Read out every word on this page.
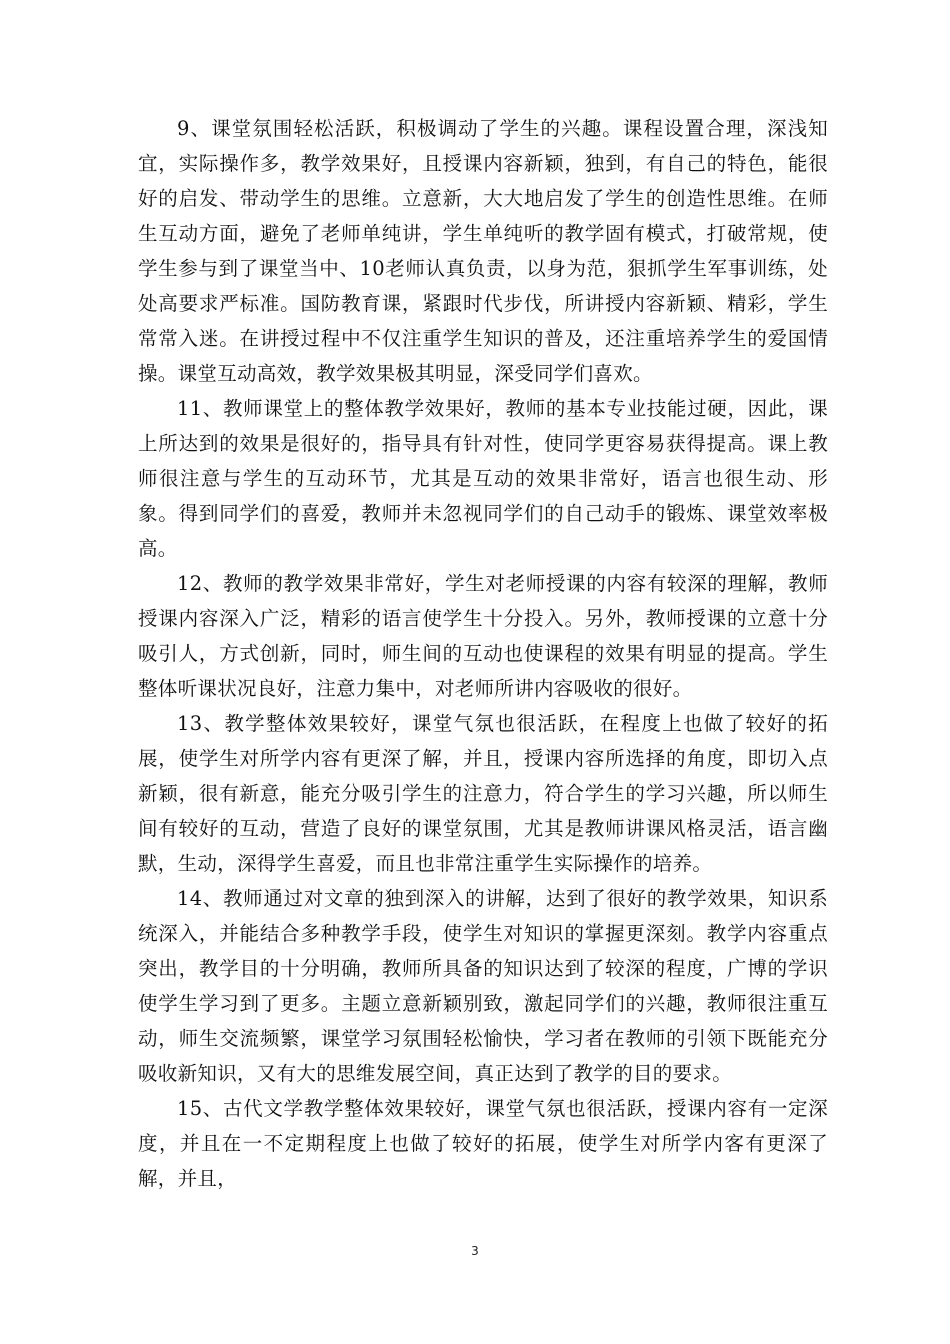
9、课堂氛围轻松活跃，积极调动了学生的兴趣。课程设置合理，深浅知宜，实际操作多，教学效果好，且授课内容新颖，独到，有自己的特色，能很好的启发、带动学生的思维。立意新，大大地启发了学生的创造性思维。在师生互动方面，避免了老师单纯讲，学生单纯听的教学固有模式，打破常规，使学生参与到了课堂当中、10老师认真负责，以身为范，狠抓学生军事训练，处处高要求严标准。国防教育课，紧跟时代步伐，所讲授内容新颖、精彩，学生常常入迷。在讲授过程中不仅注重学生知识的普及，还注重培养学生的爱国情操。课堂互动高效，教学效果极其明显，深受同学们喜欢。

11、教师课堂上的整体教学效果好，教师的基本专业技能过硬，因此，课上所达到的效果是很好的，指导具有针对性，使同学更容易获得提高。课上教师很注意与学生的互动环节，尤其是互动的效果非常好，语言也很生动、形象。得到同学们的喜爱，教师并未忽视同学们的自己动手的锻炼、课堂效率极高。

12、教师的教学效果非常好，学生对老师授课的内容有较深的理解，教师授课内容深入广泛，精彩的语言使学生十分投入。另外，教师授课的立意十分吸引人，方式创新，同时，师生间的互动也使课程的效果有明显的提高。学生整体听课状况良好，注意力集中，对老师所讲内容吸收的很好。

13、教学整体效果较好，课堂气氛也很活跃，在程度上也做了较好的拓展，使学生对所学内容有更深了解，并且，授课内容所选择的角度，即切入点新颖，很有新意，能充分吸引学生的注意力，符合学生的学习兴趣，所以师生间有较好的互动，营造了良好的课堂氛围，尤其是教师讲课风格灵活，语言幽默，生动，深得学生喜爱，而且也非常注重学生实际操作的培养。

14、教师通过对文章的独到深入的讲解，达到了很好的教学效果，知识系统深入，并能结合多种教学手段，使学生对知识的掌握更深刻。教学内容重点突出，教学目的十分明确，教师所具备的知识达到了较深的程度，广博的学识使学生学习到了更多。主题立意新颖别致，激起同学们的兴趣，教师很注重互动，师生交流频繁，课堂学习氛围轻松愉快，学习者在教师的引领下既能充分吸收新知识，又有大的思维发展空间，真正达到了教学的目的要求。

15、古代文学教学整体效果较好，课堂气氛也很活跃，授课内容有一定深度，并且在一不定期程度上也做了较好的拓展，使学生对所学内客有更深了解，并且，

3
